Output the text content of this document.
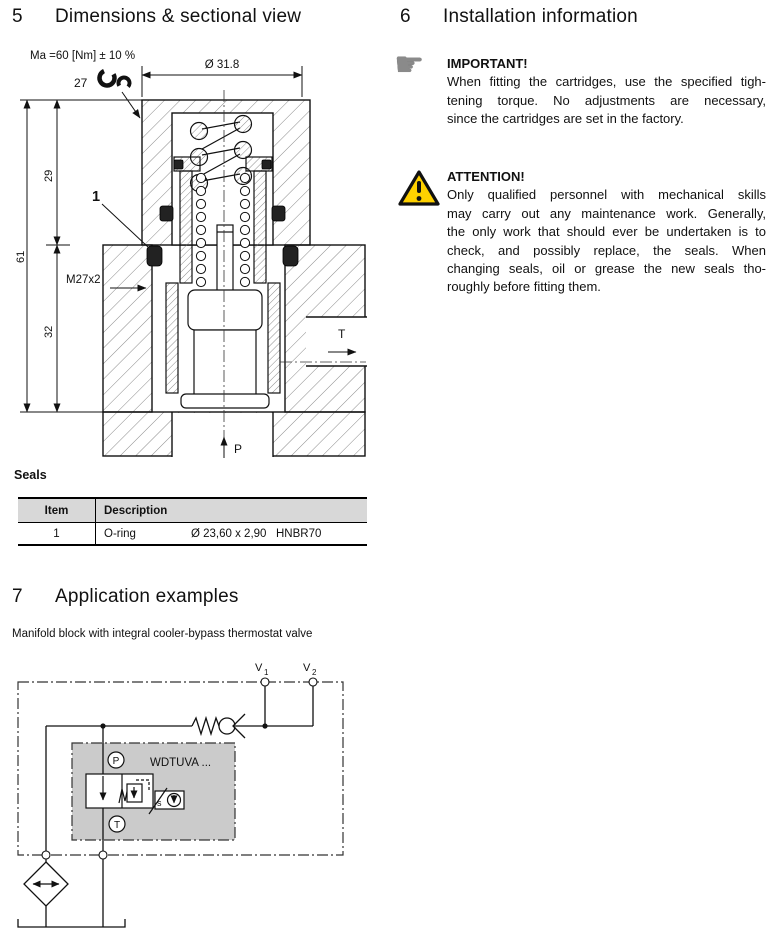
5	Dimensions & sectional view	6	Installation information
☛ IMPORTANT!
When fitting the cartridges, use the specified tigh-
tening torque. No adjustments are necessary,
since the cartridges are set in the factory.
ATTENTION!
Only qualified personnel with mechanical skills
may carry out any maintenance work. Generally,
the only work that should ever be undertaken is to
check, and possibly replace, the seals. When
changing seals, oil or grease the new seals tho-
roughly before fitting them.
Ma =60 [Nm] ± 10 %
27
Ø 31.8
61
29
32
1
M27x2
T
P
Seals
Item	Description
1	O-ring	Ø 23,60 x 2,90 HNBR70
7	Application examples
Manifold block with integral cooler-bypass thermostat valve
V 1	V 2
WDTUVA ...
P
T
s
